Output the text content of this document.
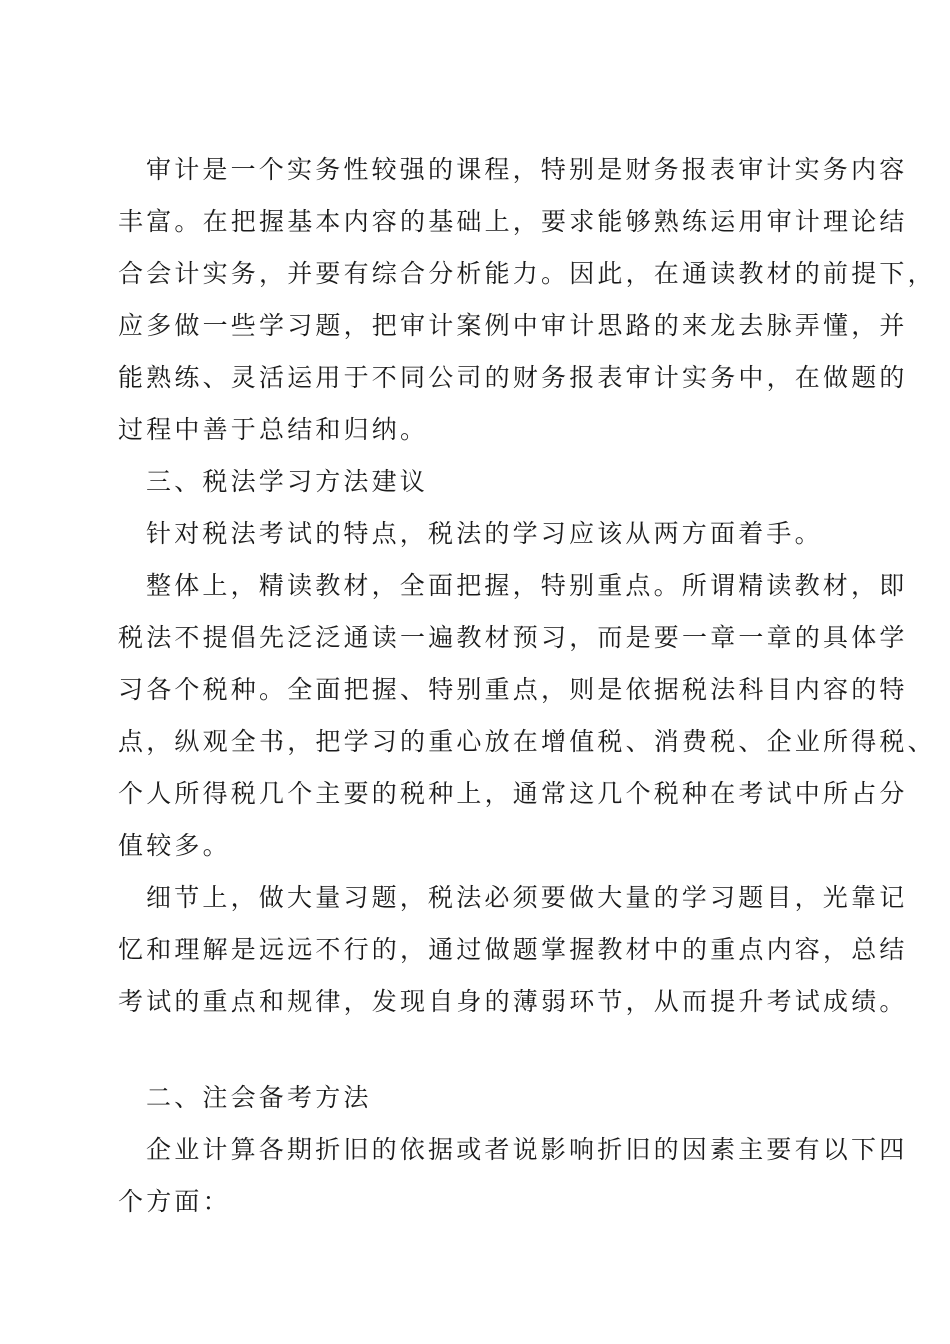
审计是一个实务性较强的课程，特别是财务报表审计实务内容
丰富。在把握基本内容的基础上，要求能够熟练运用审计理论结
合会计实务，并要有综合分析能力。因此，在通读教材的前提下，
应多做一些学习题，把审计案例中审计思路的来龙去脉弄懂，并
能熟练、灵活运用于不同公司的财务报表审计实务中，在做题的
过程中善于总结和归纳。
三、税法学习方法建议
针对税法考试的特点，税法的学习应该从两方面着手。
整体上，精读教材，全面把握，特别重点。所谓精读教材，即
税法不提倡先泛泛通读一遍教材预习，而是要一章一章的具体学
习各个税种。全面把握、特别重点，则是依据税法科目内容的特
点，纵观全书，把学习的重心放在增值税、消费税、企业所得税、
个人所得税几个主要的税种上，通常这几个税种在考试中所占分
值较多。
细节上，做大量习题，税法必须要做大量的学习题目，光靠记
忆和理解是远远不行的，通过做题掌握教材中的重点内容，总结
考试的重点和规律，发现自身的薄弱环节，从而提升考试成绩。
二、注会备考方法
企业计算各期折旧的依据或者说影响折旧的因素主要有以下四
个方面：
